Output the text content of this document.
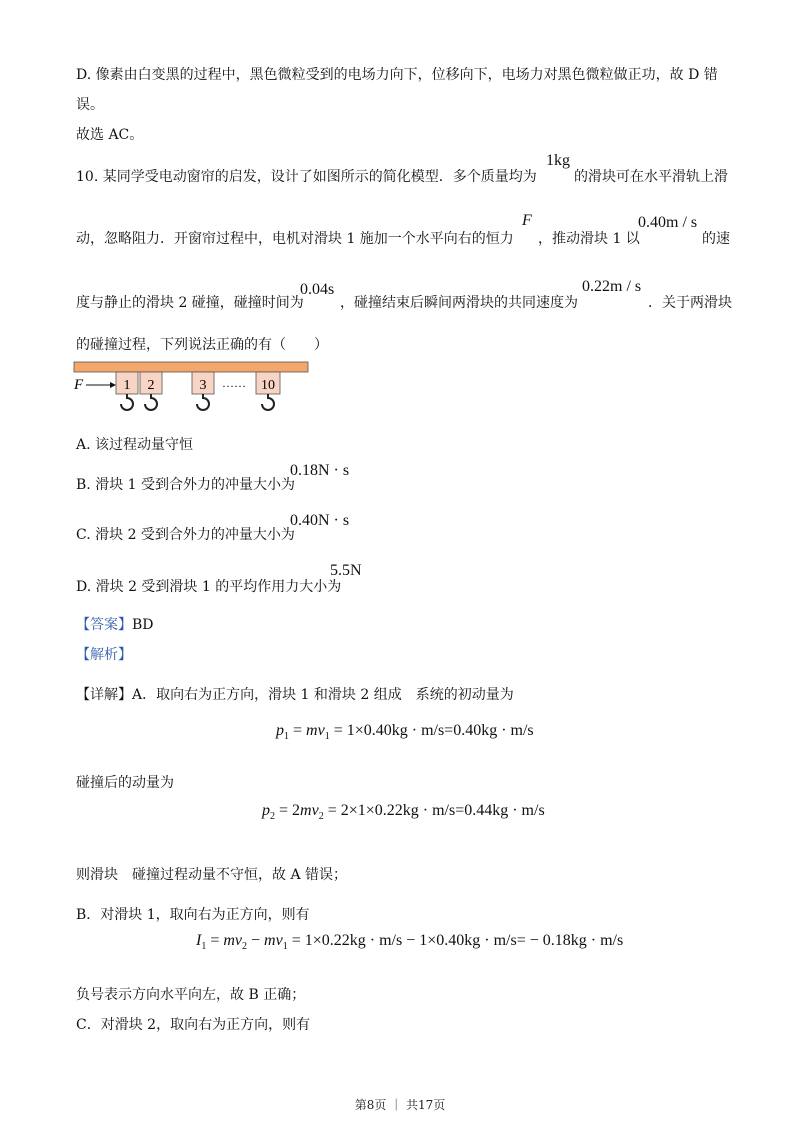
D. 像素由白变黑的过程中，黑色微粒受到的电场力向下，位移向下，电场力对黑色微粒做正功，故 D 错
误。
故选 AC。
10. 某同学受电动窗帘的启发，设计了如图所示的简化模型．多个质量均为
1kg
的滑块可在水平滑轨上滑
动，忽略阻力．开窗帘过程中，电机对滑块 1 施加一个水平向右的恒力
F
，推动滑块 1 以
0.40m / s
的速
度与静止的滑块 2 碰撞，碰撞时间为
0.04s
，碰撞结束后瞬间两滑块的共同速度为
0.22m / s
．关于两滑块
的碰撞过程，下列说法正确的有（　　）
F	1 2	3 …… 10
A. 该过程动量守恒
B. 滑块 1 受到合外力的冲量大小为
0.18N · s
C. 滑块 2 受到合外力的冲量大小为
0.40N · s
D. 滑块 2 受到滑块 1 的平均作用力大小为
5.5N
【答案】BD
【解析】
【详解】A．取向右为正方向，滑块 1 和滑块 2 组成　系统的初动量为
$p_1 = mv_1 = 1\times 0.40kg \cdot m/s=0.40kg \cdot m/s$
碰撞后的动量为
$p_2 = 2mv_2 = 2\times 1\times 0.22kg \cdot m/s=0.44kg \cdot m/s$
则滑块　碰撞过程动量不守恒，故 A 错误；
B．对滑块 1，取向右为正方向，则有
$I_1 = mv_2 - mv_1 = 1\times 0.22kg \cdot m/s - 1\times 0.40kg \cdot m/s= - 0.18kg \cdot m/s$
负号表示方向水平向左，故 B 正确；
C．对滑块 2，取向右为正方向，则有
第8页 ｜ 共17页
